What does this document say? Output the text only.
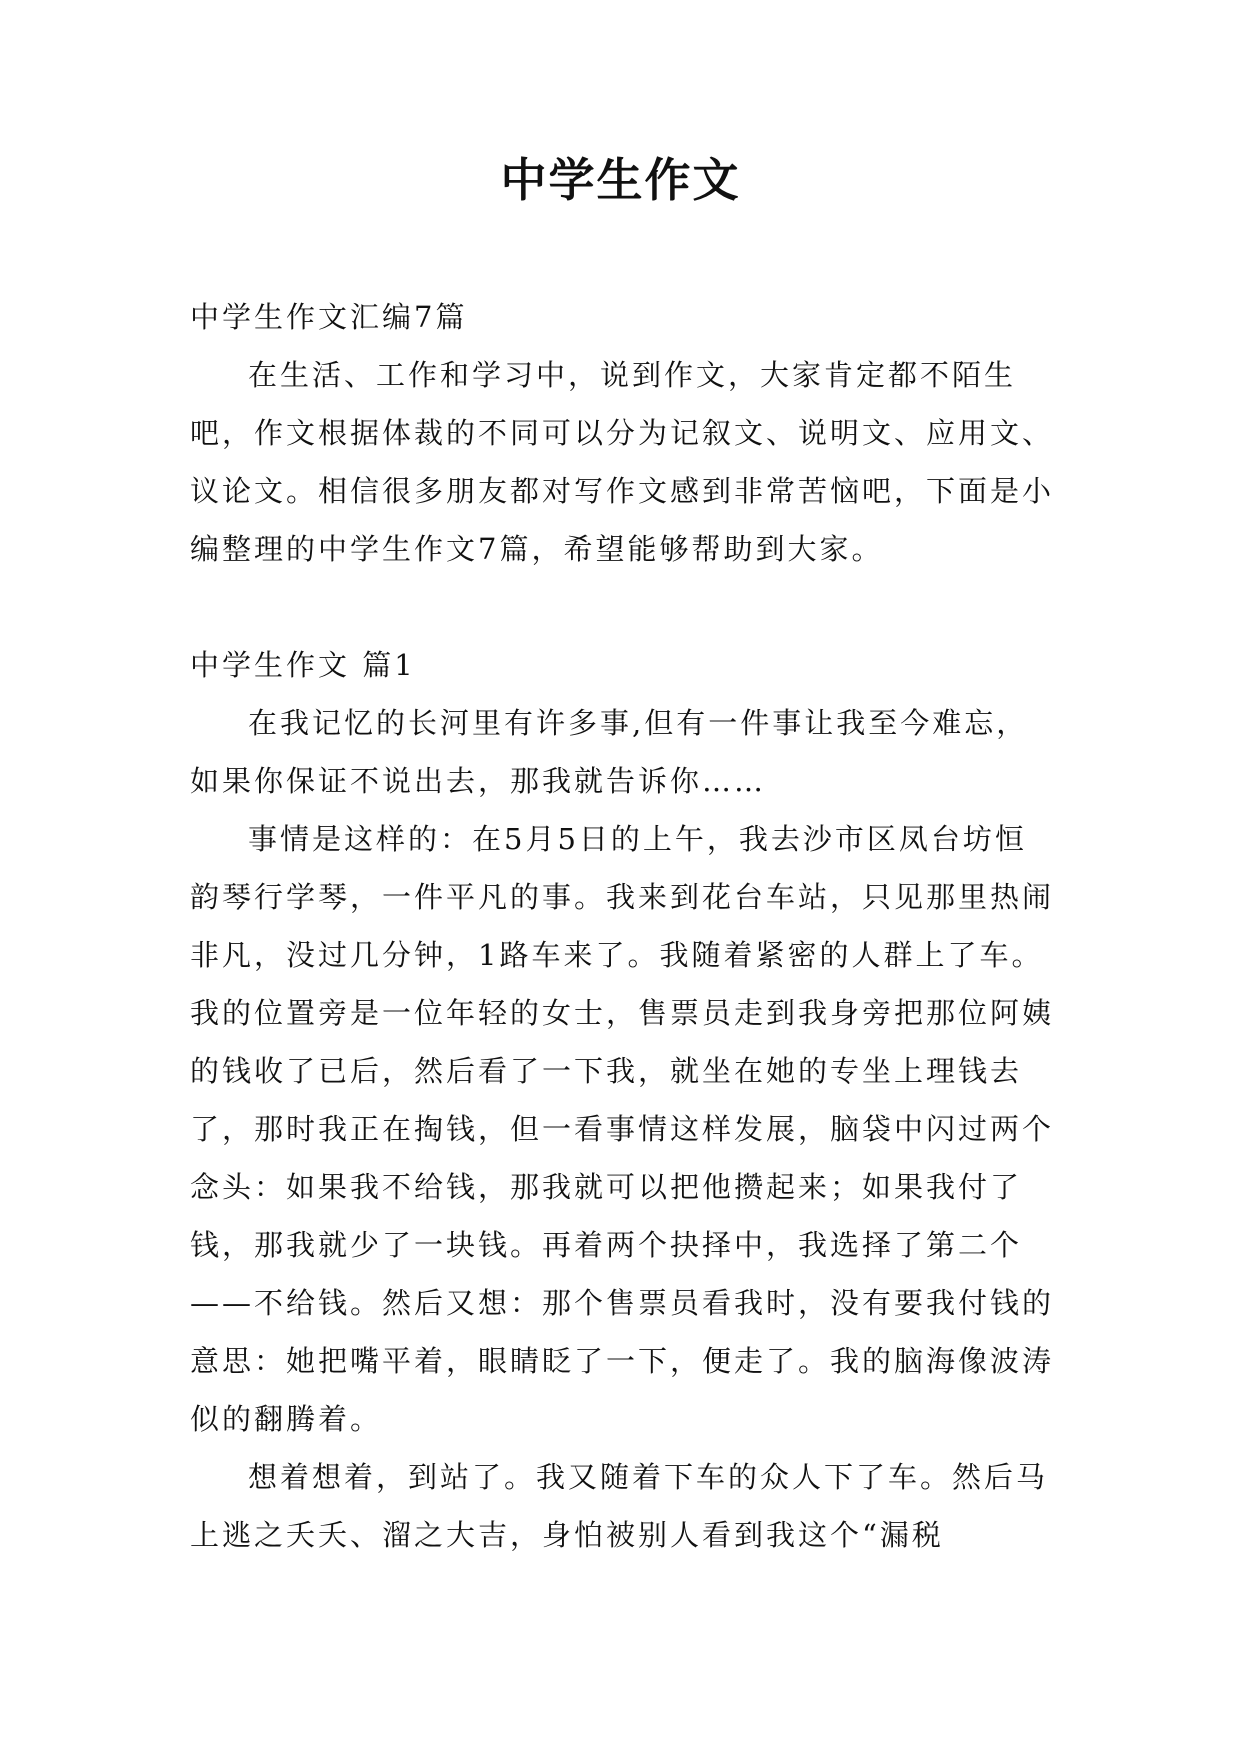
中学生作文

中学生作文汇编7篇

在生活、工作和学习中，说到作文，大家肯定都不陌生吧，作文根据体裁的不同可以分为记叙文、说明文、应用文、议论文。相信很多朋友都对写作文感到非常苦恼吧，下面是小编整理的中学生作文7篇，希望能够帮助到大家。

中学生作文 篇1

在我记忆的长河里有许多事,但有一件事让我至今难忘，如果你保证不说出去，那我就告诉你……

事情是这样的：在5月5日的上午，我去沙市区凤台坊恒韵琴行学琴，一件平凡的事。我来到花台车站，只见那里热闹非凡，没过几分钟，1路车来了。我随着紧密的人群上了车。我的位置旁是一位年轻的女士，售票员走到我身旁把那位阿姨的钱收了已后，然后看了一下我，就坐在她的专坐上理钱去了，那时我正在掏钱，但一看事情这样发展，脑袋中闪过两个念头：如果我不给钱，那我就可以把他攒起来；如果我付了钱，那我就少了一块钱。再着两个抉择中，我选择了第二个——不给钱。然后又想：那个售票员看我时，没有要我付钱的意思：她把嘴平着，眼睛眨了一下，便走了。我的脑海像波涛似的翻腾着。

想着想着，到站了。我又随着下车的众人下了车。然后马上逃之夭夭、溜之大吉，身怕被别人看到我这个“漏税
